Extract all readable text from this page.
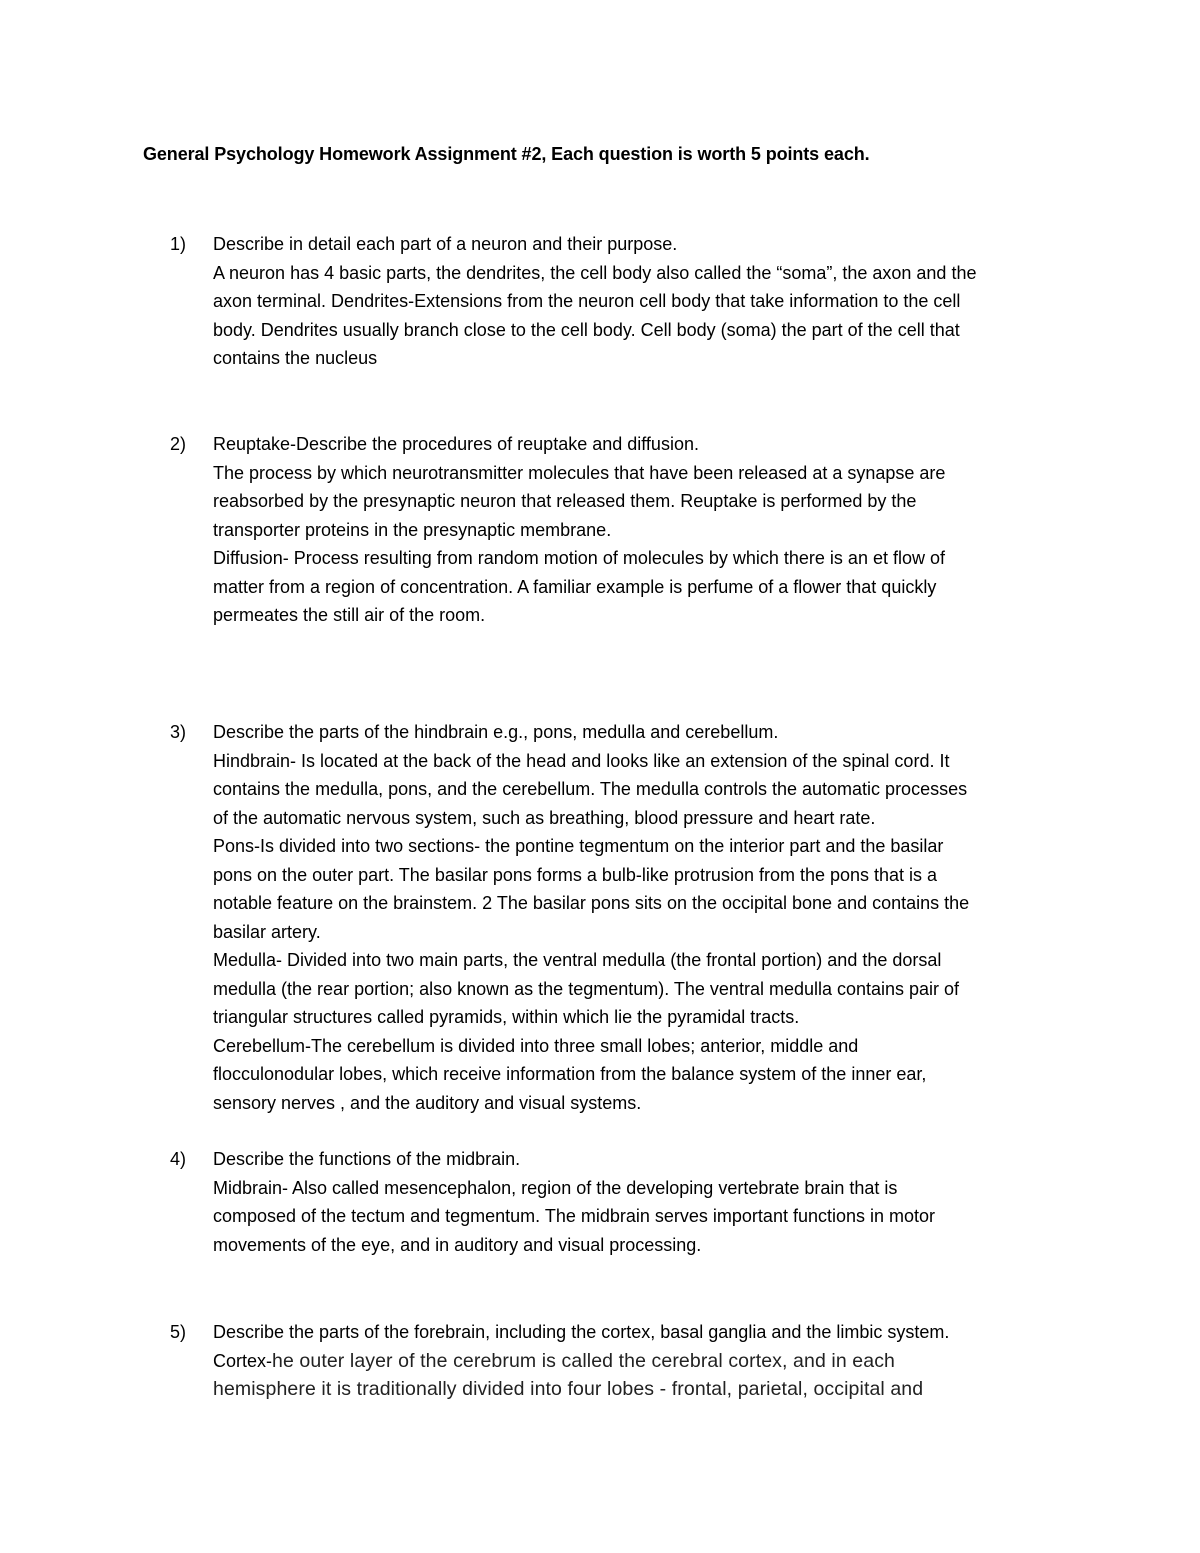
General Psychology Homework Assignment #2, Each question is worth 5 points each.
1)	Describe in detail each part of a neuron and their purpose.
A neuron has 4 basic parts, the dendrites, the cell body also called the “soma”, the axon and the
axon terminal. Dendrites-Extensions from the neuron cell body that take information to the cell
body. Dendrites usually branch close to the cell body. Cell body (soma) the part of the cell that
contains the nucleus
2)	Reuptake-Describe the procedures of reuptake and diffusion.
The process by which neurotransmitter molecules that have been released at a synapse are
reabsorbed by the presynaptic neuron that released them. Reuptake is performed by the
transporter proteins in the presynaptic membrane.
Diffusion- Process resulting from random motion of molecules by which there is an et flow of
matter from a region of concentration. A familiar example is perfume of a flower that quickly
permeates the still air of the room.
3)	Describe the parts of the hindbrain e.g., pons, medulla and cerebellum.
Hindbrain- Is located at the back of the head and looks like an extension of the spinal cord. It
contains the medulla, pons, and the cerebellum. The medulla controls the automatic processes
of the automatic nervous system, such as breathing, blood pressure and heart rate.
Pons-Is divided into two sections- the pontine tegmentum on the interior part and the basilar
pons on the outer part. The basilar pons forms a bulb-like protrusion from the pons that is a
notable feature on the brainstem. 2 The basilar pons sits on the occipital bone and contains the
basilar artery.
Medulla- Divided into two main parts, the ventral medulla (the frontal portion) and the dorsal
medulla (the rear portion; also known as the tegmentum). The ventral medulla contains pair of
triangular structures called pyramids, within which lie the pyramidal tracts.
Cerebellum-The cerebellum is divided into three small lobes; anterior, middle and
flocculonodular lobes, which receive information from the balance system of the inner ear,
sensory nerves , and the auditory and visual systems.
4)	Describe the functions of the midbrain.
Midbrain- Also called mesencephalon, region of the developing vertebrate brain that is
composed of the tectum and tegmentum. The midbrain serves important functions in motor
movements of the eye, and in auditory and visual processing.
5)	Describe the parts of the forebrain, including the cortex, basal ganglia and the limbic system.
Cortex-he outer layer of the cerebrum is called the cerebral cortex, and in each
hemisphere it is traditionally divided into four lobes - frontal, parietal, occipital and
